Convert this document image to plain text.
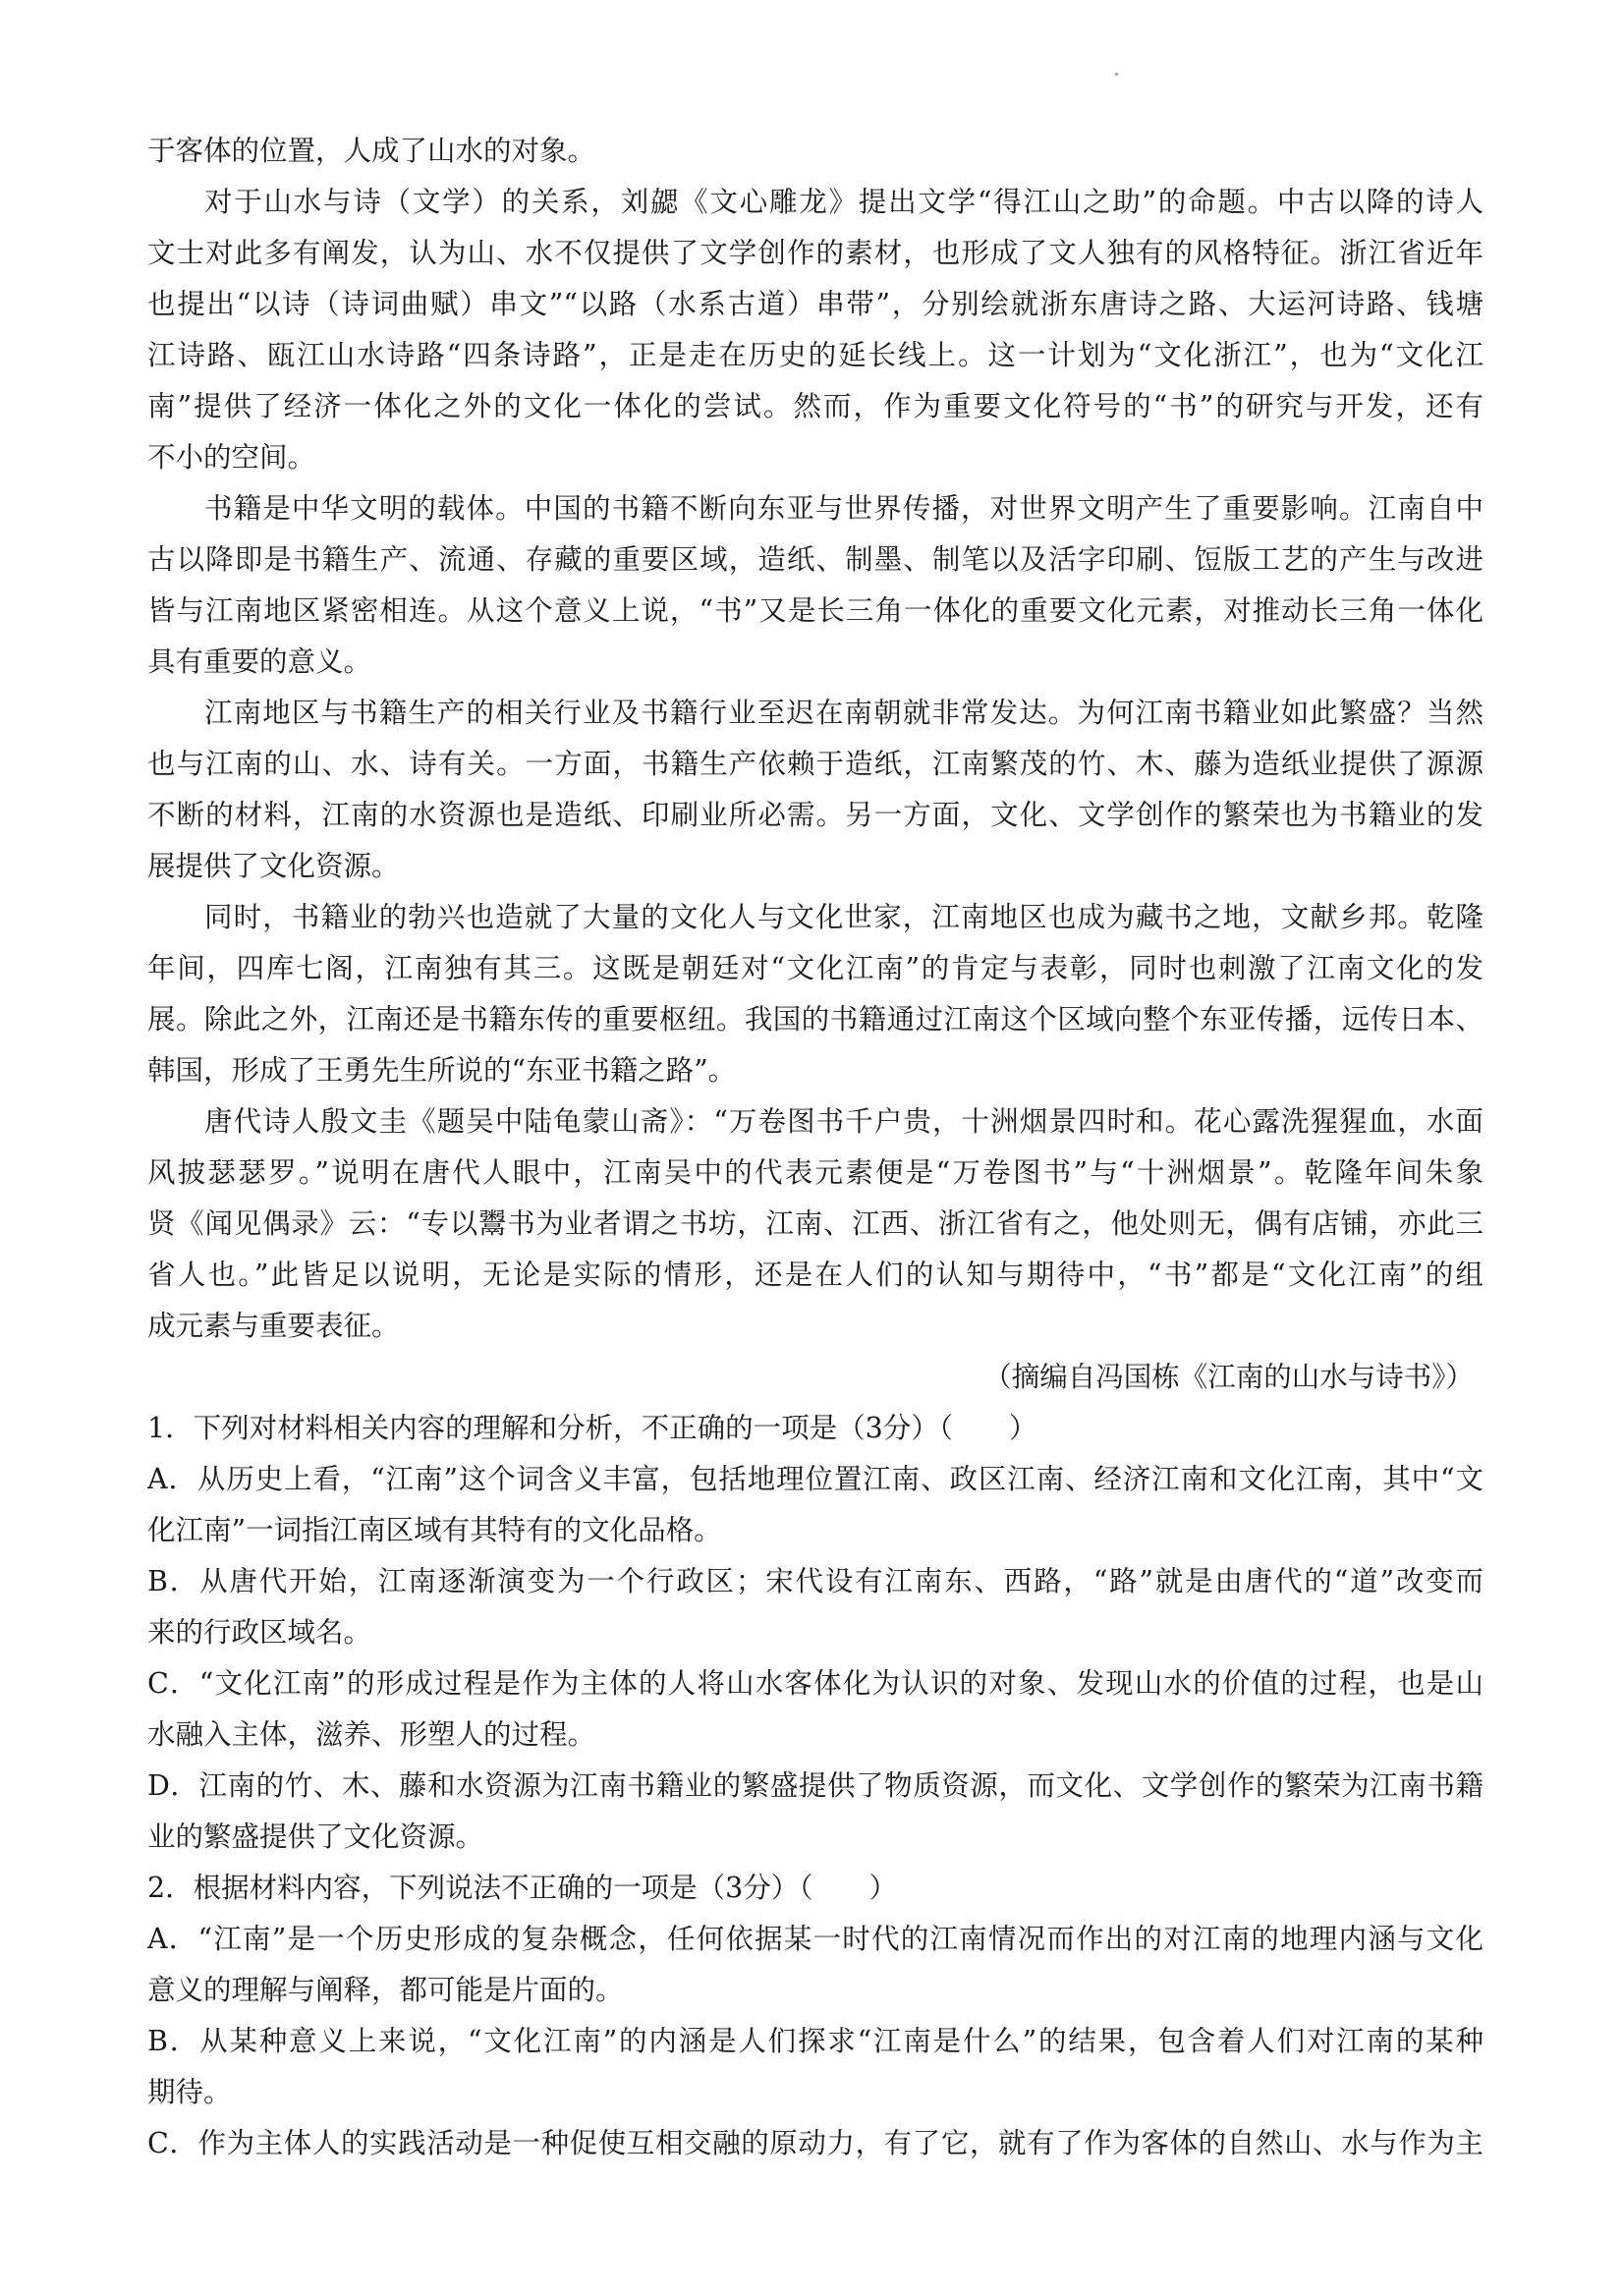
于客体的位置，人成了山水的对象。
对于山水与诗（文学）的关系，刘勰《文心雕龙》提出文学“得江山之助”的命题。中古以降的诗人
文士对此多有阐发，认为山、水不仅提供了文学创作的素材，也形成了文人独有的风格特征。浙江省近年
也提出“以诗（诗词曲赋）串文”“以路（水系古道）串带”，分别绘就浙东唐诗之路、大运河诗路、钱塘
江诗路、瓯江山水诗路“四条诗路”，正是走在历史的延长线上。这一计划为“文化浙江”，也为“文化江
南”提供了经济一体化之外的文化一体化的尝试。然而，作为重要文化符号的“书”的研究与开发，还有
不小的空间。
书籍是中华文明的载体。中国的书籍不断向东亚与世界传播，对世界文明产生了重要影响。江南自中
古以降即是书籍生产、流通、存藏的重要区域，造纸、制墨、制笔以及活字印刷、饾版工艺的产生与改进
皆与江南地区紧密相连。从这个意义上说，“书”又是长三角一体化的重要文化元素，对推动长三角一体化
具有重要的意义。
江南地区与书籍生产的相关行业及书籍行业至迟在南朝就非常发达。为何江南书籍业如此繁盛？当然
也与江南的山、水、诗有关。一方面，书籍生产依赖于造纸，江南繁茂的竹、木、藤为造纸业提供了源源
不断的材料，江南的水资源也是造纸、印刷业所必需。另一方面，文化、文学创作的繁荣也为书籍业的发
展提供了文化资源。
同时，书籍业的勃兴也造就了大量的文化人与文化世家，江南地区也成为藏书之地，文献乡邦。乾隆
年间，四库七阁，江南独有其三。这既是朝廷对“文化江南”的肯定与表彰，同时也刺激了江南文化的发
展。除此之外，江南还是书籍东传的重要枢纽。我国的书籍通过江南这个区域向整个东亚传播，远传日本、
韩国，形成了王勇先生所说的“东亚书籍之路”。
唐代诗人殷文圭《题吴中陆龟蒙山斋》：“万卷图书千户贵，十洲烟景四时和。花心露洗猩猩血，水面
风披瑟瑟罗。”说明在唐代人眼中，江南吴中的代表元素便是“万卷图书”与“十洲烟景”。乾隆年间朱象
贤《闻见偶录》云：“专以鬻书为业者谓之书坊，江南、江西、浙江省有之，他处则无，偶有店铺，亦此三
省人也。”此皆足以说明，无论是实际的情形，还是在人们的认知与期待中，“书”都是“文化江南”的组
成元素与重要表征。
（摘编自冯国栋《江南的山水与诗书》）
1．下列对材料相关内容的理解和分析，不正确的一项是（3分）（　　）
A．从历史上看，“江南”这个词含义丰富，包括地理位置江南、政区江南、经济江南和文化江南，其中“文
化江南”一词指江南区域有其特有的文化品格。
B．从唐代开始，江南逐渐演变为一个行政区；宋代设有江南东、西路，“路”就是由唐代的“道”改变而
来的行政区域名。
C．“文化江南”的形成过程是作为主体的人将山水客体化为认识的对象、发现山水的价值的过程，也是山
水融入主体，滋养、形塑人的过程。
D．江南的竹、木、藤和水资源为江南书籍业的繁盛提供了物质资源，而文化、文学创作的繁荣为江南书籍
业的繁盛提供了文化资源。
2．根据材料内容，下列说法不正确的一项是（3分）（　　）
A．“江南”是一个历史形成的复杂概念，任何依据某一时代的江南情况而作出的对江南的地理内涵与文化
意义的理解与阐释，都可能是片面的。
B．从某种意义上来说，“文化江南”的内涵是人们探求“江南是什么”的结果，包含着人们对江南的某种
期待。
C．作为主体人的实践活动是一种促使互相交融的原动力，有了它，就有了作为客体的自然山、水与作为主
